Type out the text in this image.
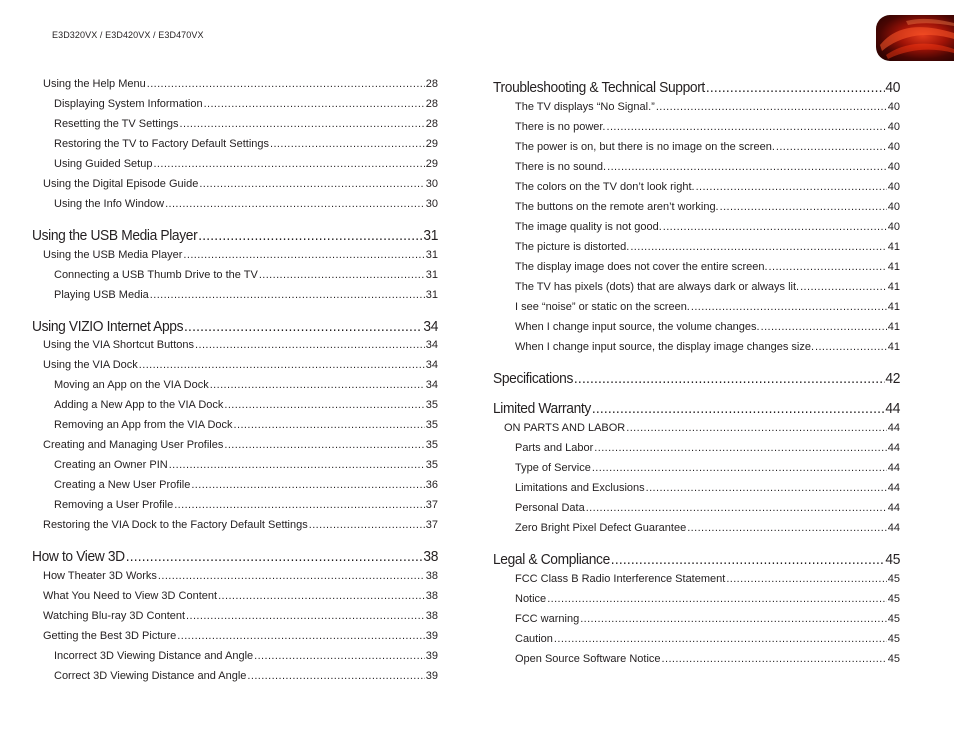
E3D320VX / E3D420VX / E3D470VX
Using the Help Menu .....	28
Displaying System Information .....	28
Resetting the TV Settings .....	28
Restoring the TV to Factory Default Settings .....	29
Using Guided Setup .....	29
Using the Digital Episode Guide .....	30
Using the Info Window .....	30
Using the USB Media Player .....	31
Using the USB Media Player .....	31
Connecting a USB Thumb Drive to the TV .....	31
Playing USB Media .....	31
Using VIZIO Internet Apps .....	34
Using the VIA Shortcut Buttons .....	34
Using the VIA Dock .....	34
Moving an App on the VIA Dock .....	34
Adding a New App to the VIA Dock .....	35
Removing an App from the VIA Dock .....	35
Creating and Managing User Profiles .....	35
Creating an Owner PIN .....	35
Creating a New User Profile .....	36
Removing a User Profile .....	37
Restoring the VIA Dock to the Factory Default Settings .....	37
How to View 3D .....	38
How Theater 3D Works .....	38
What You Need to View 3D Content .....	38
Watching Blu-ray 3D Content .....	38
Getting the Best 3D Picture .....	39
Incorrect 3D Viewing Distance and Angle .....	39
Correct 3D Viewing Distance and Angle .....	39
Troubleshooting & Technical Support .....	40
The TV displays “No Signal.” .....	40
There is no power. .....	40
The power is on, but there is no image on the screen. .....	40
There is no sound. .....	40
The colors on the TV don’t look right. .....	40
The buttons on the remote aren’t working. .....	40
The image quality is not good. .....	40
The picture is distorted. .....	41
The display image does not cover the entire screen. .....	41
The TV has pixels (dots) that are always dark or always lit. .....	41
I see “noise” or static on the screen. .....	41
When I change input source, the volume changes. .....	41
When I change input source, the display image changes size. .....	41
Specifications .....	42
Limited Warranty .....	44
ON PARTS AND LABOR .....	44
Parts and Labor .....	44
Type of Service .....	44
Limitations and Exclusions .....	44
Personal Data .....	44
Zero Bright Pixel Defect Guarantee .....	44
Legal & Compliance .....	45
FCC Class B Radio Interference Statement .....	45
Notice .....	45
FCC warning .....	45
Caution .....	45
Open Source Software Notice .....	45
